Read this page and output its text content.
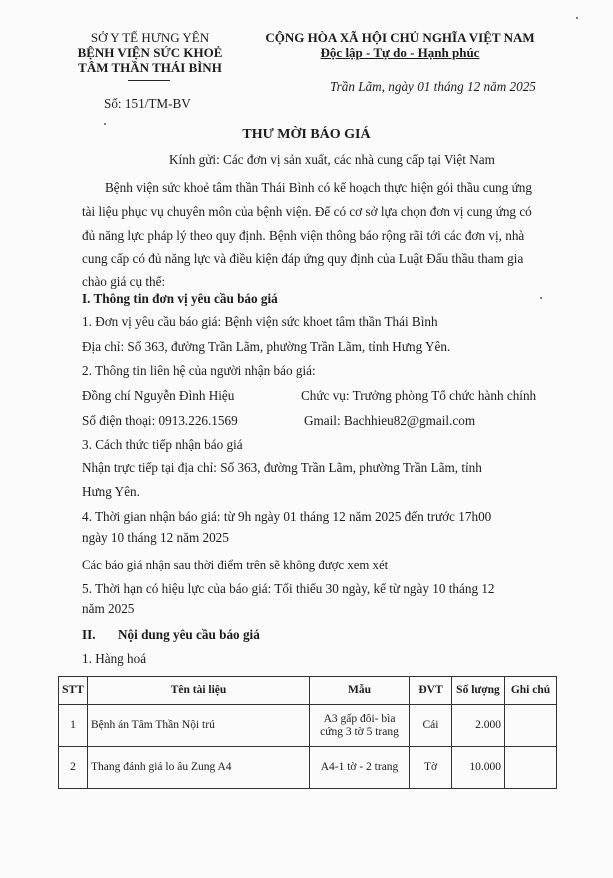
SỞ Y TẾ HƯNG YÊN
BỆNH VIỆN SỨC KHOẺ
TÂM THẦN THÁI BÌNH
Số: 151/TM-BV
CỘNG HÒA XÃ HỘI CHỦ NGHĨA VIỆT NAM
Độc lập - Tự do - Hạnh phúc
Trần Lãm, ngày 01 tháng 12 năm 2025
THƯ MỜI BÁO GIÁ
Kính gửi: Các đơn vị sản xuất, các nhà cung cấp tại Việt Nam
Bệnh viện sức khoẻ tâm thần Thái Bình có kế hoạch thực hiện gói thầu cung ứng
tài liệu phục vụ chuyên môn của bệnh viện. Để có cơ sở lựa chọn đơn vị cung ứng có
đủ năng lực pháp lý theo quy định. Bệnh viện thông báo rộng rãi tới các đơn vị, nhà
cung cấp có đủ năng lực và điều kiện đáp ứng quy định của Luật Đấu thầu tham gia
chào giá cụ thể:
I. Thông tin đơn vị yêu cầu báo giá
1. Đơn vị yêu cầu báo giá: Bệnh viện sức khoet tâm thần Thái Bình
Địa chỉ: Số 363, đường Trần Lãm, phường Trần Lãm, tỉnh Hưng Yên.
2. Thông tin liên hệ của người nhận báo giá:
Đồng chí Nguyễn Đình Hiệu	Chức vụ: Trưởng phòng Tổ chức hành chính
Số điện thoại: 0913.226.1569	Gmail: Bachhieu82@gmail.com
3. Cách thức tiếp nhận báo giá
Nhận trực tiếp tại địa chỉ: Số 363, đường Trần Lãm, phường Trần Lãm, tỉnh
Hưng Yên.
4. Thời gian nhận báo giá: từ 9h ngày 01 tháng 12 năm 2025 đến trước 17h00
ngày 10 tháng 12 năm 2025
Các báo giá nhận sau thời điểm trên sẽ không được xem xét
5. Thời hạn có hiệu lực của báo giá: Tối thiểu 30 ngày, kể từ ngày 10 tháng 12
năm 2025
II. Nội dung yêu cầu báo giá
1. Hàng hoá
STT	Tên tài liệu	Mẫu	ĐVT	Số lượng	Ghi chú
1	Bệnh án Tâm Thần Nội trú	A3 gấp đôi- bìa
cứng 3 tờ 5 trang	Cái	2.000	
2	Thang đánh giá lo âu Zung A4	A4-1 tờ - 2 trang	Tờ	10.000	
